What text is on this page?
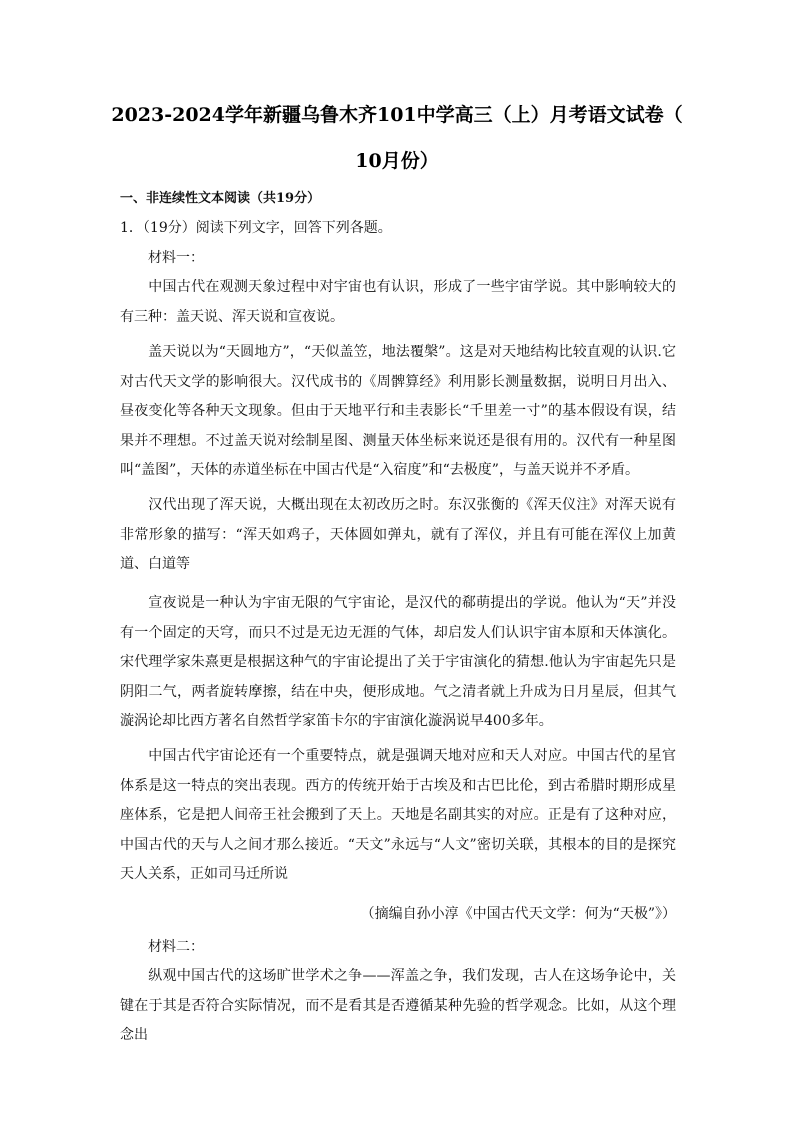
2023-2024学年新疆乌鲁木齐101中学高三（上）月考语文试卷（
10月份）
一、非连续性文本阅读（共19分）
1．（19分）阅读下列文字，回答下列各题。
材料一：
中国古代在观测天象过程中对宇宙也有认识，形成了一些宇宙学说。其中影响较大的有三种：盖天说、浑天说和宣夜说。
盖天说以为“天圆地方”，“天似盖笠，地法覆槃”。这是对天地结构比较直观的认识.它对古代天文学的影响很大。汉代成书的《周髀算经》利用影长测量数据，说明日月出入、昼夜变化等各种天文现象。但由于天地平行和圭表影长“千里差一寸”的基本假设有误，结果并不理想。不过盖天说对绘制星图、测量天体坐标来说还是很有用的。汉代有一种星图叫“盖图”，天体的赤道坐标在中国古代是“入宿度”和“去极度”，与盖天说并不矛盾。
汉代出现了浑天说，大概出现在太初改历之时。东汉张衡的《浑天仪注》对浑天说有非常形象的描写：“浑天如鸡子，天体圆如弹丸，就有了浑仪，并且有可能在浑仪上加黄道、白道等
宣夜说是一种认为宇宙无限的气宇宙论，是汉代的郗萌提出的学说。他认为“天”并没有一个固定的天穹，而只不过是无边无涯的气体，却启发人们认识宇宙本原和天体演化。宋代理学家朱熹更是根据这种气的宇宙论提出了关于宇宙演化的猜想.他认为宇宙起先只是阴阳二气，两者旋转摩擦，结在中央，便形成地。气之清者就上升成为日月星辰，但其气漩涡论却比西方著名自然哲学家笛卡尔的宇宙演化漩涡说早400多年。
中国古代宇宙论还有一个重要特点，就是强调天地对应和天人对应。中国古代的星官体系是这一特点的突出表现。西方的传统开始于古埃及和古巴比伦，到古希腊时期形成星座体系，它是把人间帝王社会搬到了天上。天地是名副其实的对应。正是有了这种对应，中国古代的天与人之间才那么接近。“天文”永远与“人文”密切关联，其根本的目的是探究天人关系，正如司马迁所说
（摘编自孙小淳《中国古代天文学：何为“天极”》）
材料二：
纵观中国古代的这场旷世学术之争——浑盖之争，我们发现，古人在这场争论中，关键在于其是否符合实际情况，而不是看其是否遵循某种先验的哲学观念。比如，从这个理念出
